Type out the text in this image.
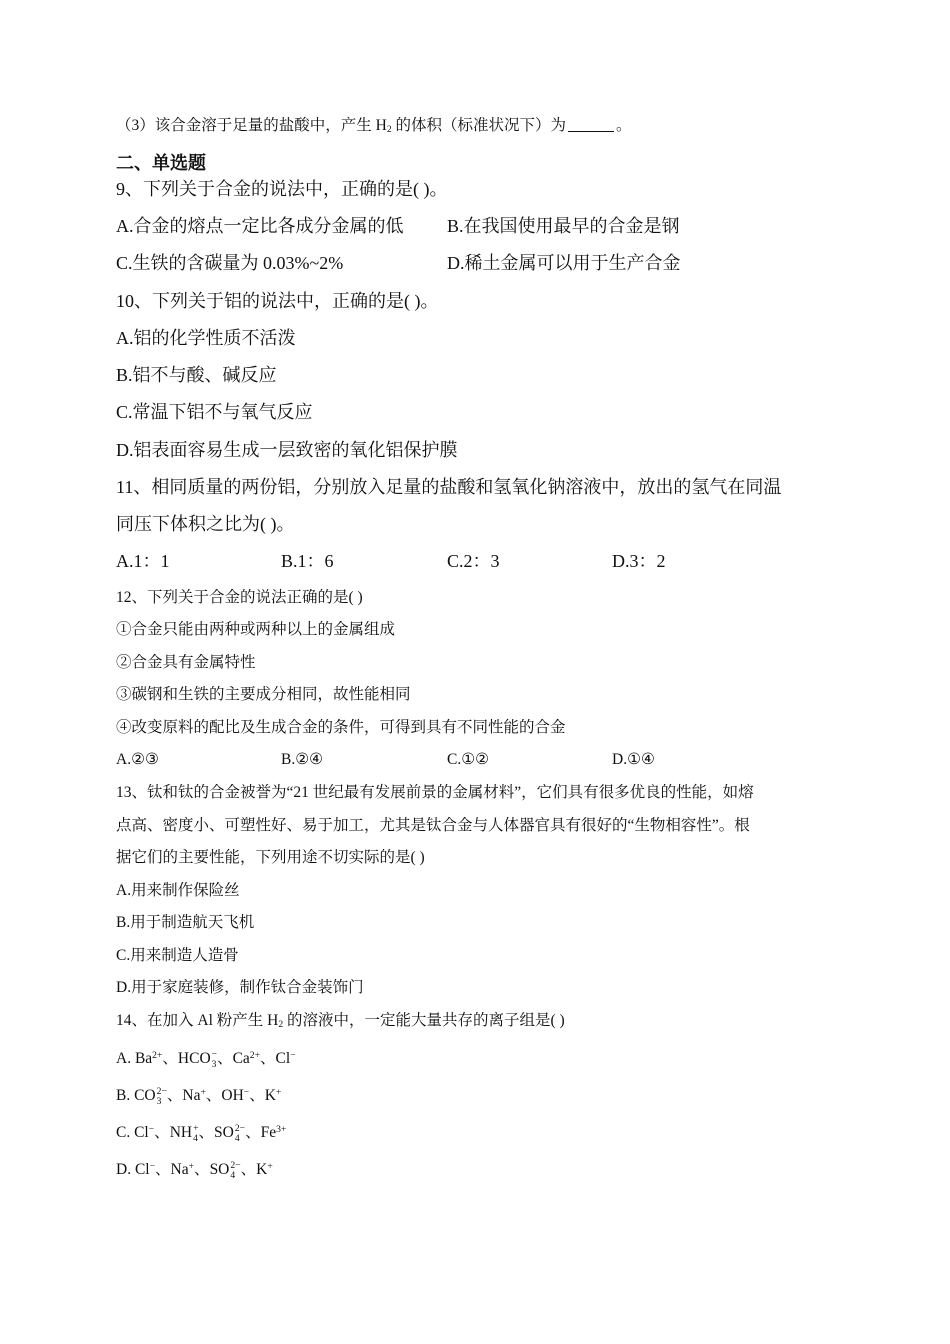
（3）该合金溶于足量的盐酸中，产生 $H_2$ 的体积（标准状况下）为	。
二、单选题
9、下列关于合金的说法中，正确的是( )。
A.合金的熔点一定比各成分金属的低 B.在我国使用最早的合金是钢
C.生铁的含碳量为 0.03%~2%	D.稀土金属可以用于生产合金
10、下列关于铝的说法中，正确的是( )。
A.铝的化学性质不活泼
B.铝不与酸、碱反应
C.常温下铝不与氧气反应
D.铝表面容易生成一层致密的氧化铝保护膜
11、相同质量的两份铝，分别放入足量的盐酸和氢氧化钠溶液中，放出的氢气在同温
同压下体积之比为( )。
A.1：1	B.1：6	C.2：3	D.3：2
12、下列关于合金的说法正确的是( )
①合金只能由两种或两种以上的金属组成
②合金具有金属特性
③碳钢和生铁的主要成分相同，故性能相同
④改变原料的配比及生成合金的条件，可得到具有不同性能的合金
A.②③	B.②④	C.①②	D.①④
13、钛和钛的合金被誉为“21 世纪最有发展前景的金属材料”，它们具有很多优良的性能，如熔
点高、密度小、可塑性好、易于加工，尤其是钛合金与人体器官具有很好的“生物相容性”。根
据它们的主要性能，下列用途不切实际的是( )
A.用来制作保险丝
B.用于制造航天飞机
C.用来制造人造骨
D.用于家庭装修，制作钛合金装饰门
14、在加入 Al 粉产生 $H_2$ 的溶液中，一定能大量共存的离子组是( )
A. $Ba^{2+}$、HCO −
3 、$Ca^{2+}$、Cl−
B. CO 2−
3 、Na+、OH−、K+
C. Cl−、NH +
4 、SO 2−
4 、$Fe^{3+}$
D. Cl−、Na+、SO 2−
4 、K+
